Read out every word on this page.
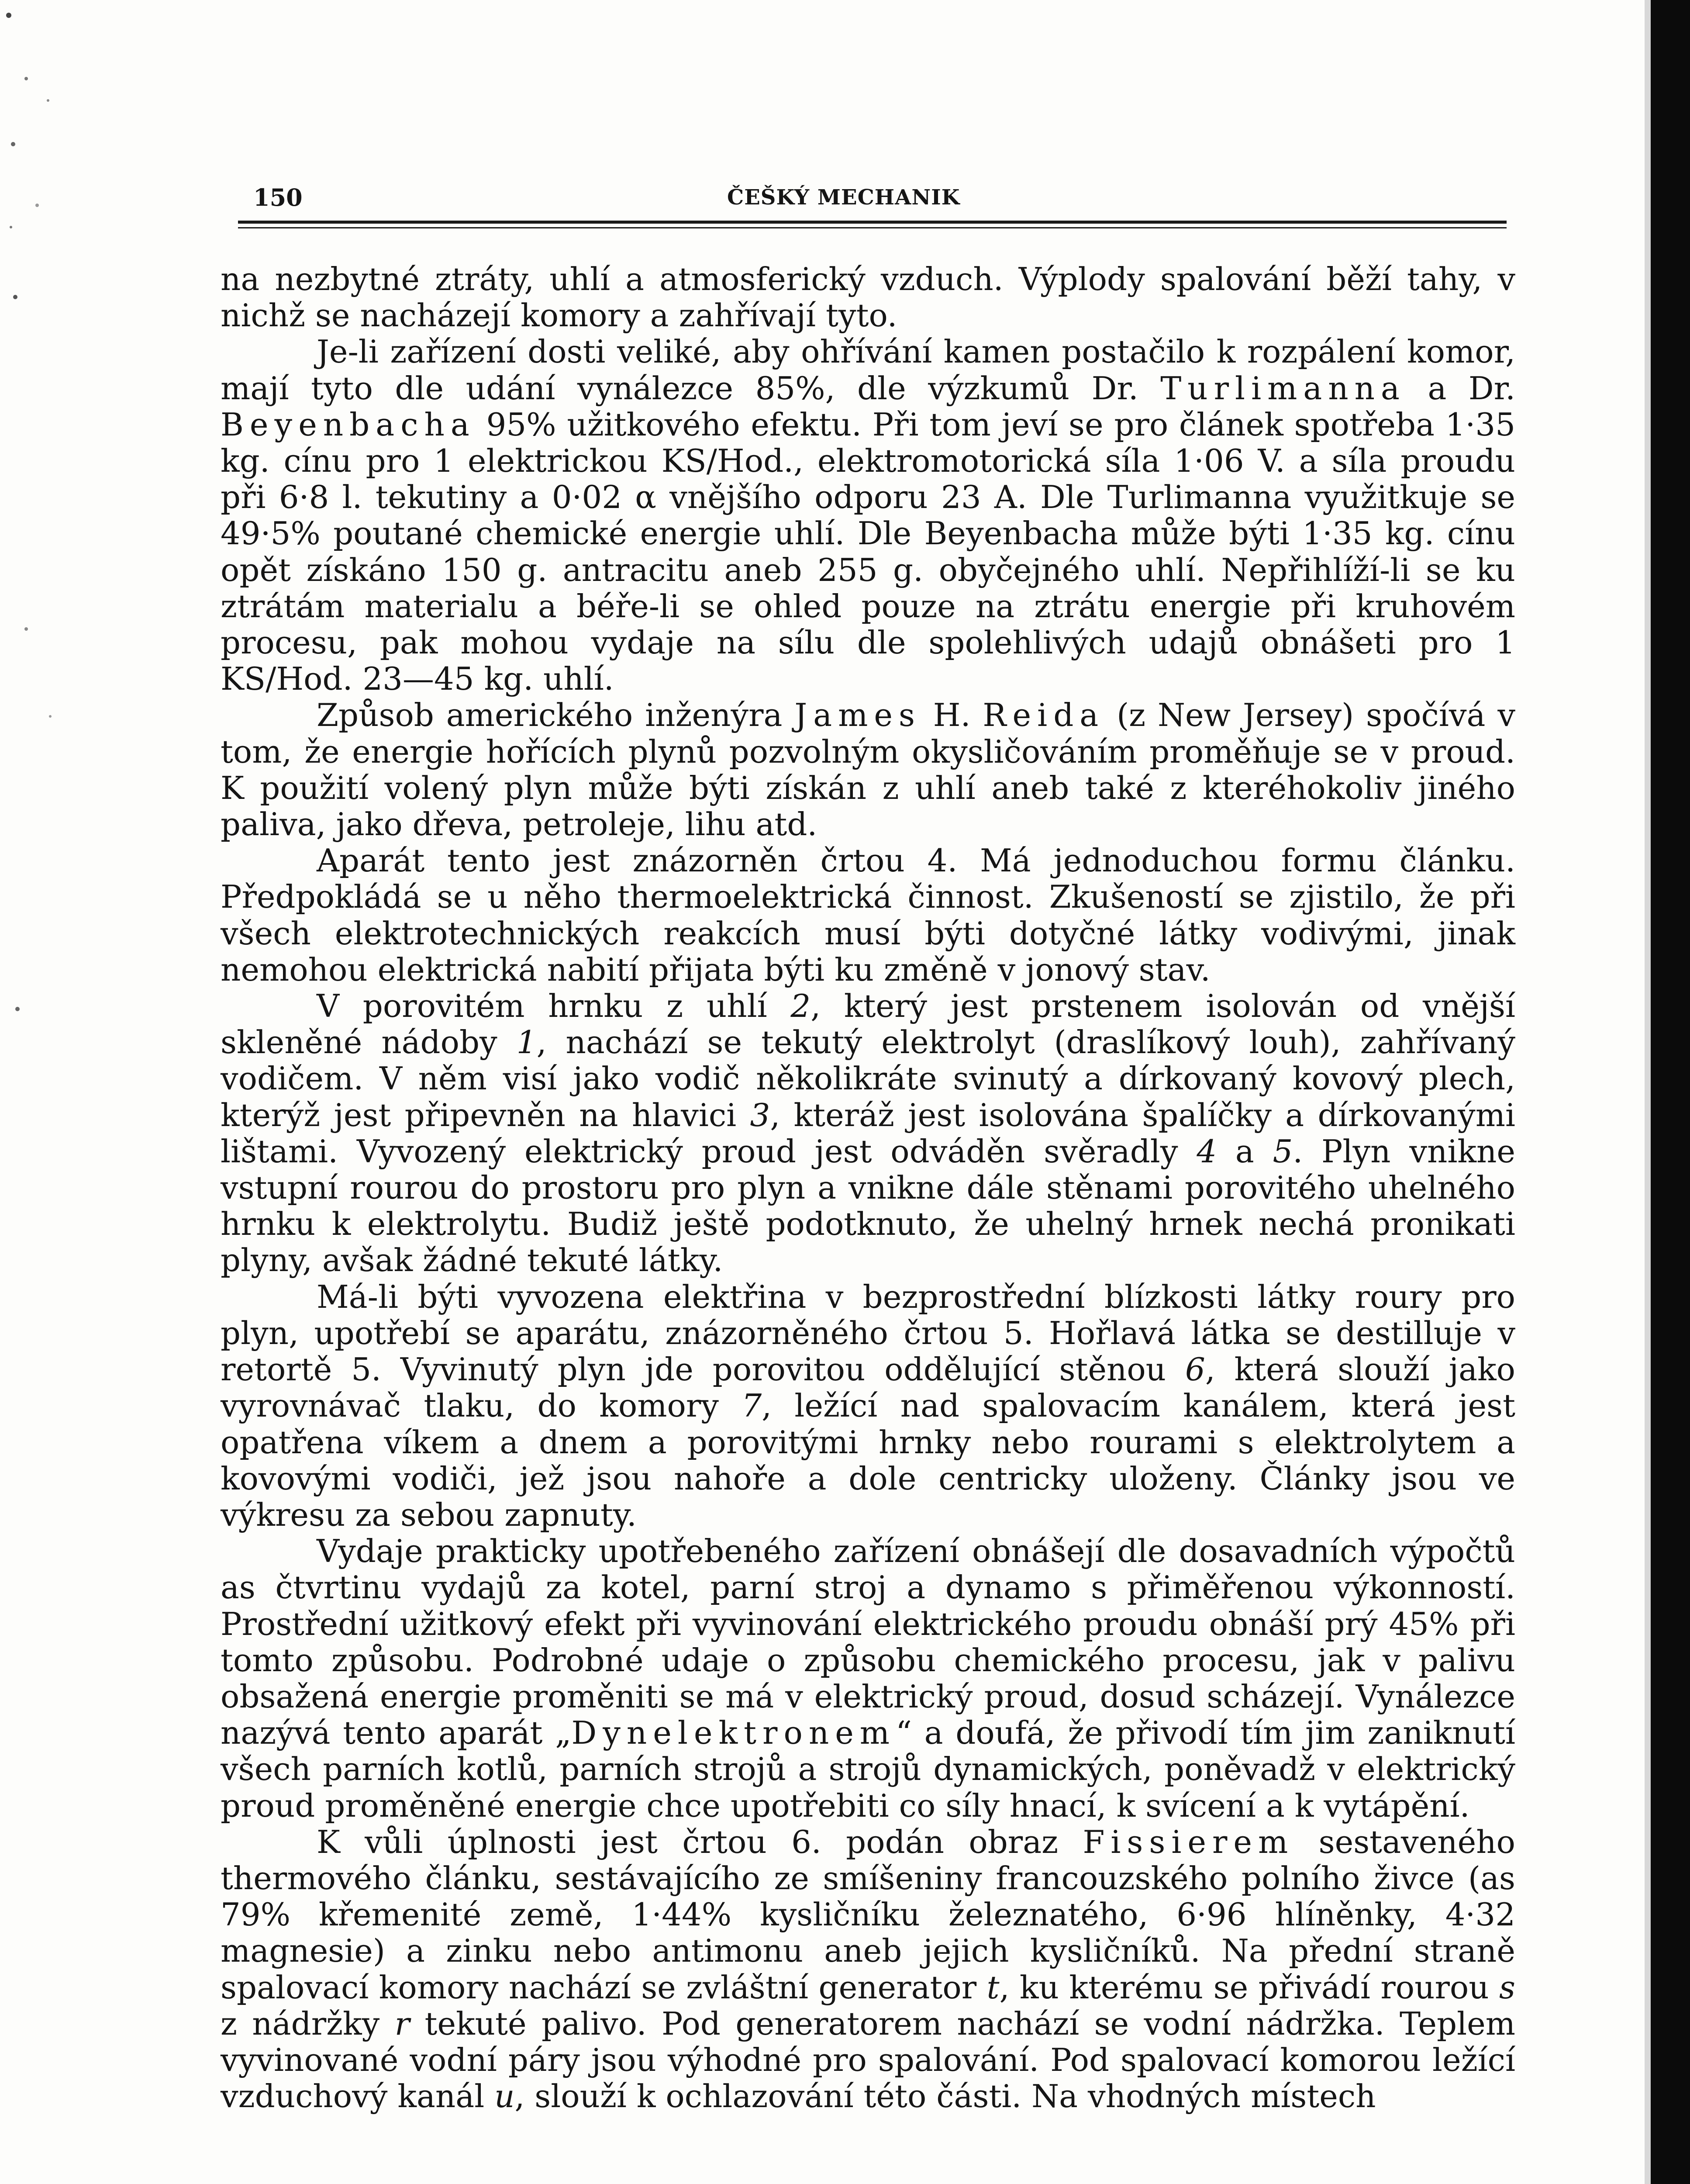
150	ČEŠKÝ MECHANIK

na nezbytné ztráty, uhlí a atmosferický vzduch. Výplody spalování běží tahy, v nichž se nacházejí komory a zahřívají tyto.

Je-li zařízení dosti veliké, aby ohřívání kamen postačilo k rozpálení komor, mají tyto dle udání vynálezce 85%, dle výzkumů Dr. Turlimanna a Dr. Beyenbacha 95% užitkového efektu. Při tom jeví se pro článek spotřeba 1·35 kg. cínu pro 1 elektrickou KS/Hod., elektromotorická síla 1·06 V. a síla proudu při 6·8 l. tekutiny a 0·02 α vnějšího odporu 23 A. Dle Turlimanna využitkuje se 49·5% poutané chemické energie uhlí. Dle Beyenbacha může býti 1·35 kg. cínu opět získáno 150 g. antracitu aneb 255 g. obyčejného uhlí. Nepřihlíží-li se ku ztrátám materialu a béře-li se ohled pouze na ztrátu energie při kruhovém procesu, pak mohou vydaje na sílu dle spolehlivých udajů obnášeti pro 1 KS/Hod. 23—45 kg. uhlí.

Způsob amerického inženýra James H. Reida (z New Jersey) spočívá v tom, že energie hořících plynů pozvolným okysličováním proměňuje se v proud. K použití volený plyn může býti získán z uhlí aneb také z kteréhokoliv jiného paliva, jako dřeva, petroleje, lihu atd.

Aparát tento jest znázorněn črtou 4. Má jednoduchou formu článku. Předpokládá se u něho thermoelektrická činnost. Zkušeností se zjistilo, že při všech elektrotechnických reakcích musí býti dotyčné látky vodivými, jinak nemohou elektrická nabití přijata býti ku změně v jonový stav.

V porovitém hrnku z uhlí 2, který jest prstenem isolován od vnější skleněné nádoby 1, nachází se tekutý elektrolyt (draslíkový louh), zahřívaný vodičem. V něm visí jako vodič několikráte svinutý a dírkovaný kovový plech, kterýž jest připevněn na hlavici 3, kteráž jest isolována špalíčky a dírkovanými lištami. Vyvozený elektrický proud jest odváděn svěradly 4 a 5. Plyn vnikne vstupní rourou do prostoru pro plyn a vnikne dále stěnami porovitého uhelného hrnku k elektrolytu. Budiž ještě podotknuto, že uhelný hrnek nechá pronikati plyny, avšak žádné tekuté látky.

Má-li býti vyvozena elektřina v bezprostřední blízkosti látky roury pro plyn, upotřebí se aparátu, znázorněného črtou 5. Hořlavá látka se destilluje v retortě 5. Vyvinutý plyn jde porovitou oddělující stěnou 6, která slouží jako vyrovnávač tlaku, do komory 7, ležící nad spalovacím kanálem, která jest opatřena víkem a dnem a porovitými hrnky nebo rourami s elektrolytem a kovovými vodiči, jež jsou nahoře a dole centricky uloženy. Články jsou ve výkresu za sebou zapnuty.

Vydaje prakticky upotřebeného zařízení obnášejí dle dosavadních výpočtů as čtvrtinu vydajů za kotel, parní stroj a dynamo s přiměřenou výkonností. Prostřední užitkový efekt při vyvinování elektrického proudu obnáší prý 45% při tomto způsobu. Podrobné udaje o způsobu chemického procesu, jak v palivu obsažená energie proměniti se má v elektrický proud, dosud scházejí. Vynálezce nazývá tento aparát „Dynelektronem“ a doufá, že přivodí tím jim zaniknutí všech parních kotlů, parních strojů a strojů dynamických, poněvadž v elektrický proud proměněné energie chce upotřebiti co síly hnací, k svícení a k vytápění.

K vůli úplnosti jest črtou 6. podán obraz Fissierem sestaveného thermového článku, sestávajícího ze smíšeniny francouzského polního živce (as 79% křemenité země, 1·44% kysličníku železnatého, 6·96 hlíněnky, 4·32 magnesie) a zinku nebo antimonu aneb jejich kysličníků. Na přední straně spalovací komory nachází se zvláštní generator t, ku kterému se přivádí rourou s z nádržky r tekuté palivo. Pod generatorem nachází se vodní nádržka. Teplem vyvinované vodní páry jsou výhodné pro spalování. Pod spalovací komorou ležící vzduchový kanál u, slouží k ochlazování této části. Na vhodných místech
